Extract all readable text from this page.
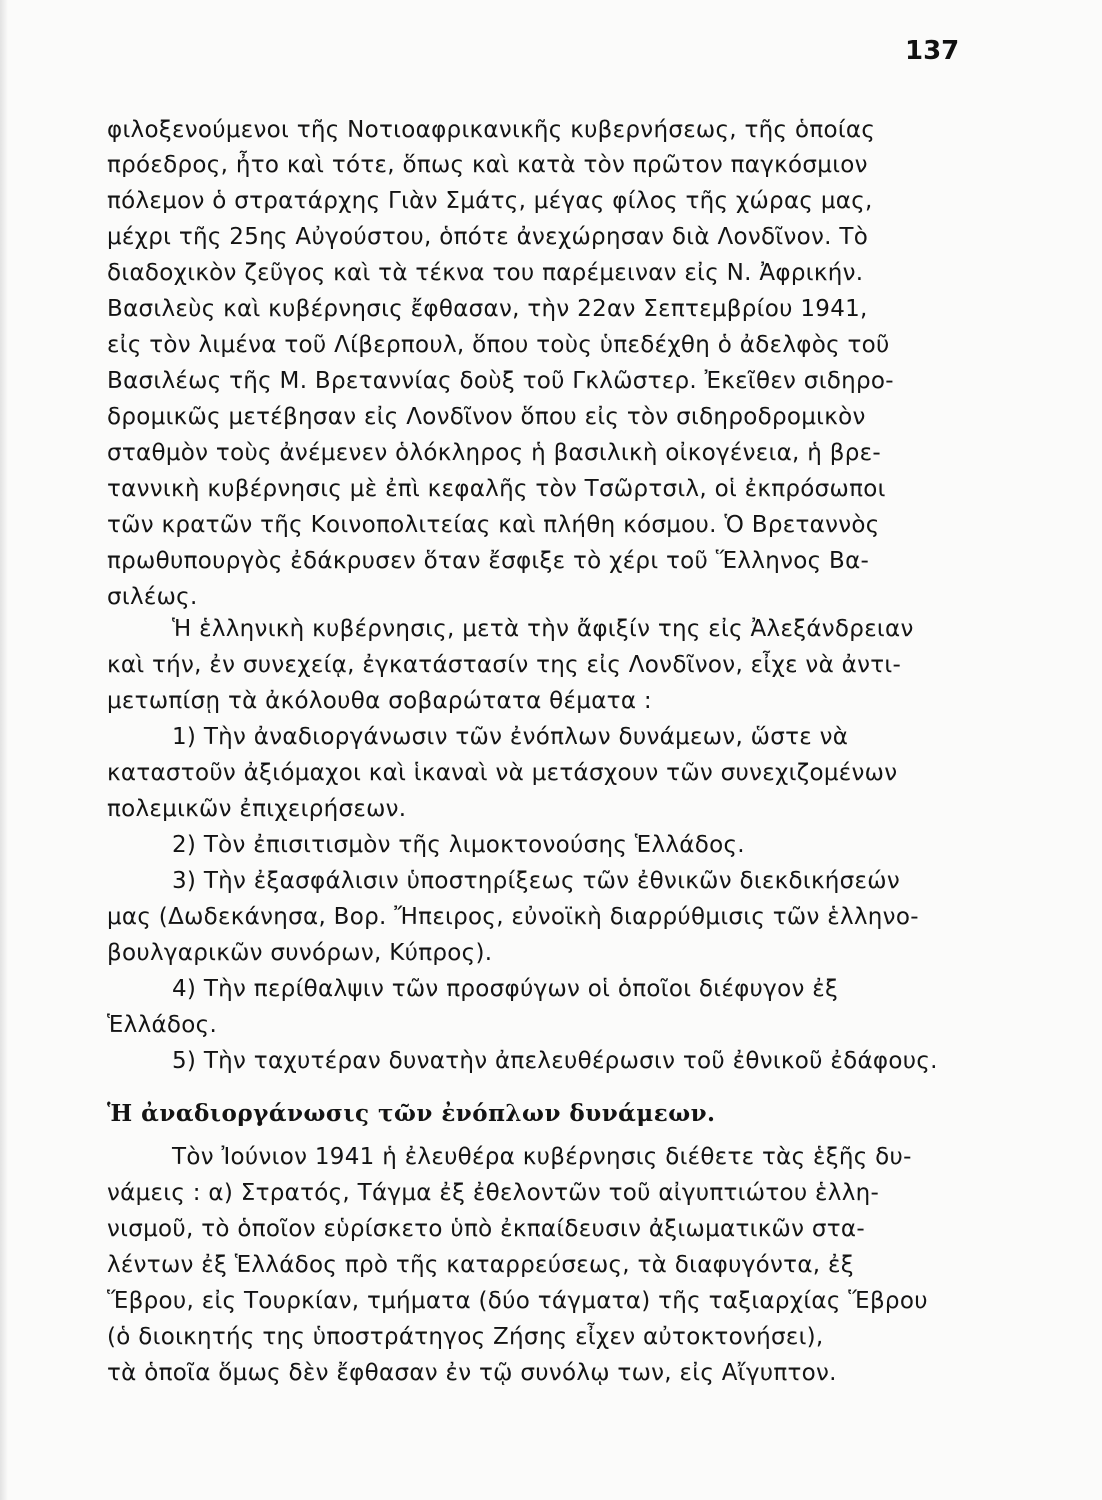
137
φιλοξενούμενοι τῆς Νοτιοαφρικανικῆς κυβερνήσεως, τῆς ὁποίας
πρόεδρος, ἦτο καὶ τότε, ὅπως καὶ κατὰ τὸν πρῶτον παγκόσμιον
πόλεμον ὁ στρατάρχης Γιὰν Σμάτς, μέγας φίλος τῆς χώρας μας,
μέχρι τῆς 25ης Αὐγούστου, ὁπότε ἀνεχώρησαν διὰ Λονδῖνον. Τὸ
διαδοχικὸν ζεῦγος καὶ τὰ τέκνα του παρέμειναν εἰς Ν. Ἀφρικήν.
Βασιλεὺς καὶ κυβέρνησις ἔφθασαν, τὴν 22αν Σεπτεμβρίου 1941,
εἰς τὸν λιμένα τοῦ Λίβερπουλ, ὅπου τοὺς ὑπεδέχθη ὁ ἀδελφὸς τοῦ
Βασιλέως τῆς Μ. Βρεταννίας δοὺξ τοῦ Γκλῶστερ. Ἐκεῖθεν σιδηρο-
δρομικῶς μετέβησαν εἰς Λονδῖνον ὅπου εἰς τὸν σιδηροδρομικὸν
σταθμὸν τοὺς ἀνέμενεν ὁλόκληρος ἡ βασιλικὴ οἰκογένεια, ἡ βρε-
ταννικὴ κυβέρνησις μὲ ἐπὶ κεφαλῆς τὸν Τσῶρτσιλ, οἱ ἐκπρόσωποι
τῶν κρατῶν τῆς Κοινοπολιτείας καὶ πλήθη κόσμου. Ὁ Βρεταννὸς
πρωθυπουργὸς ἐδάκρυσεν ὅταν ἔσφιξε τὸ χέρι τοῦ Ἕλληνος Βα-
σιλέως.
Ἡ ἑλληνικὴ κυβέρνησις, μετὰ τὴν ἄφιξίν της εἰς Ἀλεξάνδρειαν
καὶ τήν, ἐν συνεχείᾳ, ἐγκατάστασίν της εἰς Λονδῖνον, εἶχε νὰ ἀντι-
μετωπίσῃ τὰ ἀκόλουθα σοβαρώτατα θέματα :
1) Τὴν ἀναδιοργάνωσιν τῶν ἐνόπλων δυνάμεων, ὥστε νὰ
καταστοῦν ἀξιόμαχοι καὶ ἱκαναὶ νὰ μετάσχουν τῶν συνεχιζομένων
πολεμικῶν ἐπιχειρήσεων.
2) Τὸν ἐπισιτισμὸν τῆς λιμοκτονούσης Ἑλλάδος.
3) Τὴν ἐξασφάλισιν ὑποστηρίξεως τῶν ἐθνικῶν διεκδικήσεών
μας (Δωδεκάνησα, Βορ. Ἤπειρος, εὐνοϊκὴ διαρρύθμισις τῶν ἑλληνο-
βουλγαρικῶν συνόρων, Κύπρος).
4) Τὴν περίθαλψιν τῶν προσφύγων οἱ ὁποῖοι διέφυγον ἐξ
Ἑλλάδος.
5) Τὴν ταχυτέραν δυνατὴν ἀπελευθέρωσιν τοῦ ἐθνικοῦ ἐδάφους.
Ἡ ἀναδιοργάνωσις τῶν ἐνόπλων δυνάμεων.
Τὸν Ἰούνιον 1941 ἡ ἐλευθέρα κυβέρνησις διέθετε τὰς ἑξῆς δυ-
νάμεις : α) Στρατός, Τάγμα ἐξ ἐθελοντῶν τοῦ αἰγυπτιώτου ἑλλη-
νισμοῦ, τὸ ὁποῖον εὑρίσκετο ὑπὸ ἐκπαίδευσιν ἀξιωματικῶν στα-
λέντων ἐξ Ἑλλάδος πρὸ τῆς καταρρεύσεως, τὰ διαφυγόντα, ἐξ
Ἕβρου, εἰς Τουρκίαν, τμήματα (δύο τάγματα) τῆς ταξιαρχίας Ἕβρου
(ὁ διοικητής της ὑποστράτηγος Ζήσης εἶχεν αὐτοκτονήσει),
τὰ ὁποῖα ὅμως δὲν ἔφθασαν ἐν τῷ συνόλῳ των, εἰς Αἴγυπτον.
